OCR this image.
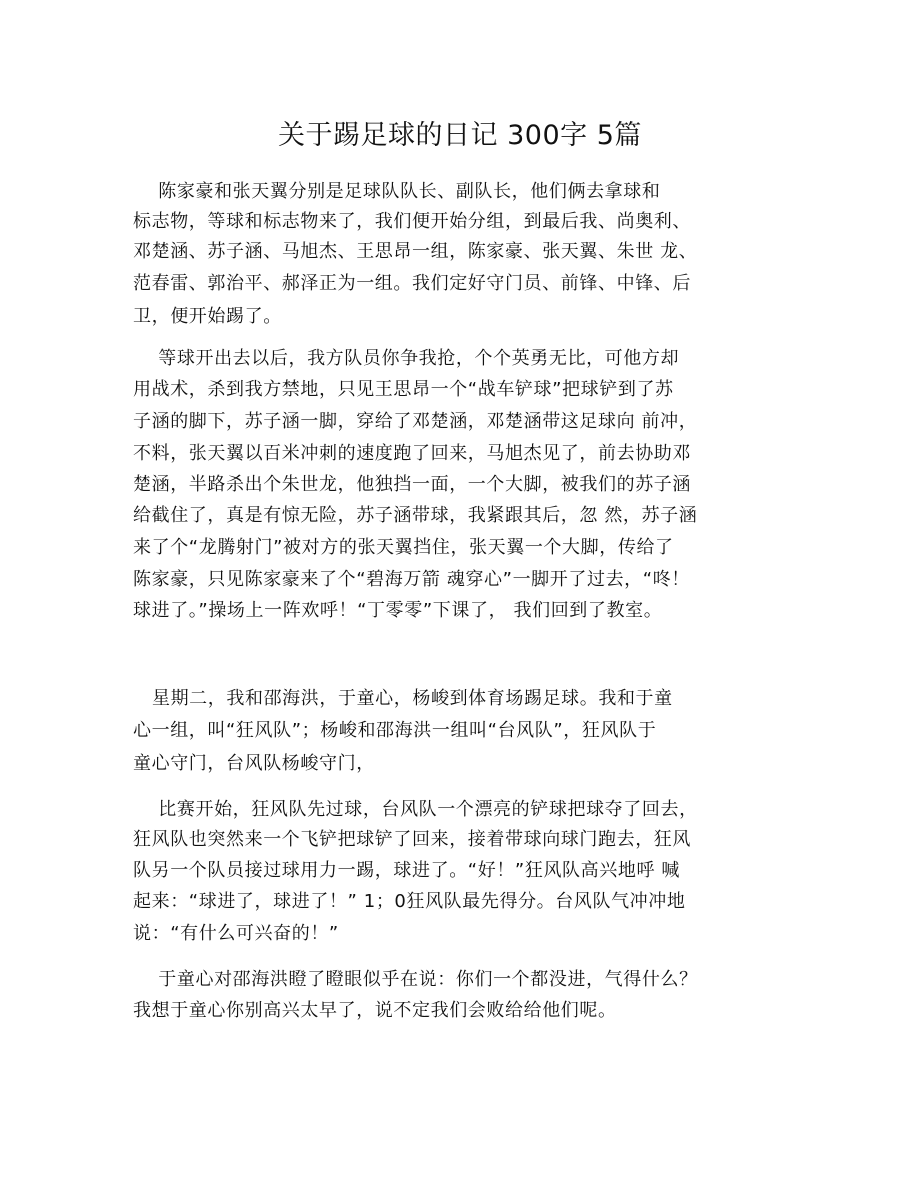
关于踢足球的日记 300字 5篇

陈家豪和张天翼分别是足球队队长、副队长，他们俩去拿球和

标志物，等球和标志物来了，我们便开始分组，到最后我、尚奥利、

邓楚涵、苏子涵、马旭杰、王思昂一组，陈家豪、张天翼、朱世 龙、

范春雷、郭治平、郝泽正为一组。我们定好守门员、前锋、中锋、后

卫，便开始踢了。

等球开出去以后，我方队员你争我抢，个个英勇无比，可他方却

用战术，杀到我方禁地，只见王思昂一个“战车铲球”把球铲到了苏

子涵的脚下，苏子涵一脚，穿给了邓楚涵，邓楚涵带这足球向 前冲，

不料，张天翼以百米冲刺的速度跑了回来，马旭杰见了，前去协助邓

楚涵，半路杀出个朱世龙，他独挡一面，一个大脚，被我们的苏子涵

给截住了，真是有惊无险，苏子涵带球，我紧跟其后，忽 然，苏子涵

来了个“龙腾射门”被对方的张天翼挡住，张天翼一个大脚，传给了

陈家豪，只见陈家豪来了个“碧海万箭 魂穿心”一脚开了过去，“咚！

球进了。”操场上一阵欢呼！“丁零零”下课了， 我们回到了教室。

星期二，我和邵海洪，于童心，杨峻到体育场踢足球。我和于童

心一组，叫“狂风队”；杨峻和邵海洪一组叫“台风队”，狂风队于

童心守门，台风队杨峻守门，

比赛开始，狂风队先过球，台风队一个漂亮的铲球把球夺了回去，

狂风队也突然来一个飞铲把球铲了回来，接着带球向球门跑去，狂风

队另一个队员接过球用力一踢，球进了。“好！”狂风队高兴地呼 喊

起来：“球进了，球进了！” 1；0狂风队最先得分。台风队气冲冲地

说：“有什么可兴奋的！”

于童心对邵海洪瞪了瞪眼似乎在说：你们一个都没进，气得什么？

我想于童心你别高兴太早了，说不定我们会败给给他们呢。
